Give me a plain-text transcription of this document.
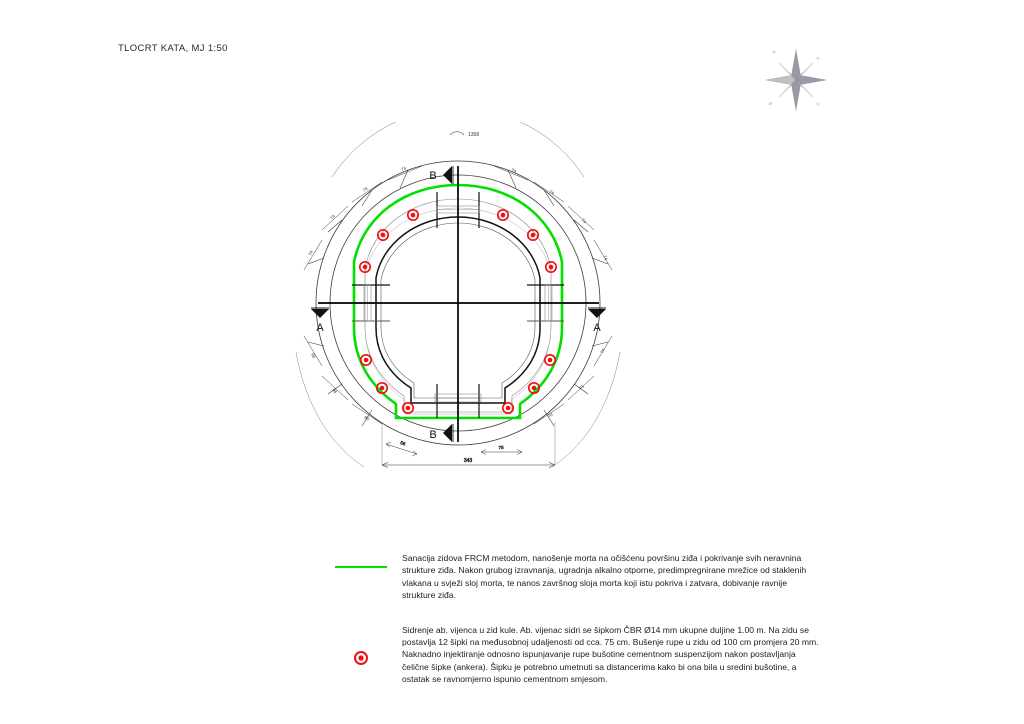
TLOCRT KATA, MJ 1:50	N
E
S
W
A	A
B
B
1358
74
74
74
74
74
74
74
74
98
98
80
74
71
70
56
75
343

Sanacija zidova FRCM metodom, nanošenje morta na očišćenu površinu ziđa i pokrivanje svih neravnina strukture ziđa. Nakon grubog izravnanja, ugradnja alkalno otporne, predimpregnirane mrežice od staklenih vlakana u svježi sloj morta, te nanos završnog sloja morta koji istu pokriva i zatvara, dobivanje ravnije strukture ziđa.

Sidrenje ab. vijenca u zid kule. Ab. vijenac sidri se šipkom ČBR Ø14 mm ukupne duljine 1.00 m. Na zidu se postavlja 12 šipki na međusobnoj udaljenosti od cca. 75 cm. Bušenje rupe u zidu od 100 cm promjera 20 mm. Naknadno injektiranje odnosno ispunjavanje rupe bušotine cementnom suspenzijom nakon postavljanja čelične šipke (ankera). Šipku je potrebno umetnuti sa distancerima kako bi ona bila u sredini bušotine, a ostatak se ravnomjerno ispunio cementnom smjesom.
